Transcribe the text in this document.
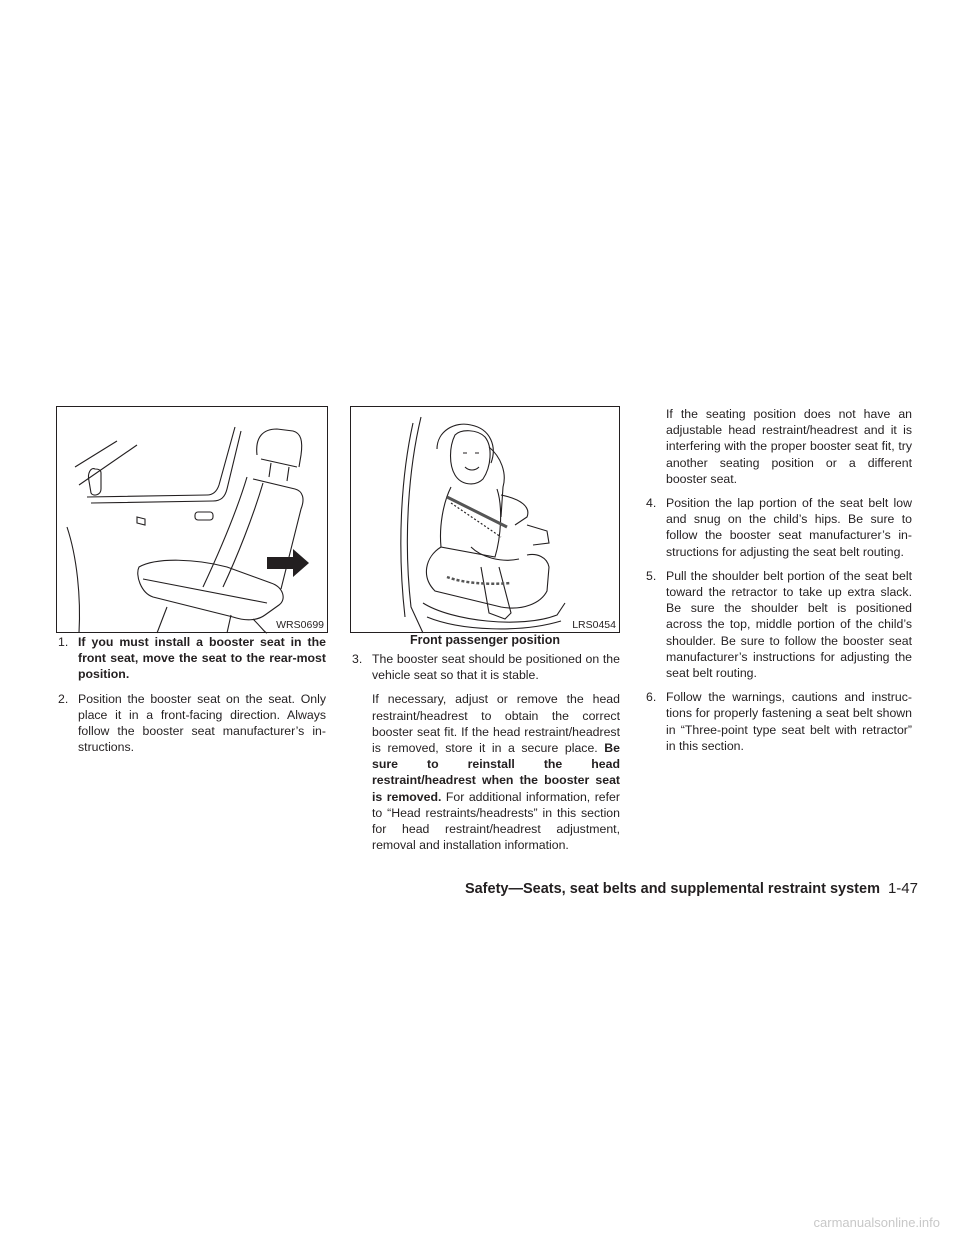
WRS0699	LRS0454
Front passenger position
1. If you must install a booster seat in the front seat, move the seat to the rear-most position.

2. Position the booster seat on the seat. Only place it in a front-facing direction. Always follow the booster seat manufacturer’s in-structions.

3. The booster seat should be positioned on the vehicle seat so that it is stable.

If necessary, adjust or remove the head restraint/headrest to obtain the correct booster seat fit. If the head restraint/headrest is removed, store it in a secure place. Be sure to reinstall the head restraint/headrest when the booster seat is removed. For additional information, refer to “Head restraints/headrests” in this section for head restraint/headrest adjustment, removal and installation information.

If the seating position does not have an adjustable head restraint/headrest and it is interfering with the proper booster seat fit, try another seating position or a different booster seat.
4. Position the lap portion of the seat belt low and snug on the child’s hips. Be sure to follow the booster seat manufacturer’s in-structions for adjusting the seat belt routing.

5. Pull the shoulder belt portion of the seat belt toward the retractor to take up extra slack. Be sure the shoulder belt is positioned across the top, middle portion of the child’s shoulder. Be sure to follow the booster seat manufacturer’s instructions for adjusting the seat belt routing.

6. Follow the warnings, cautions and instruc-tions for properly fastening a seat belt shown in “Three-point type seat belt with retractor” in this section.

Safety—Seats, seat belts and supplemental restraint system 1-47
carmanualsonline.info
